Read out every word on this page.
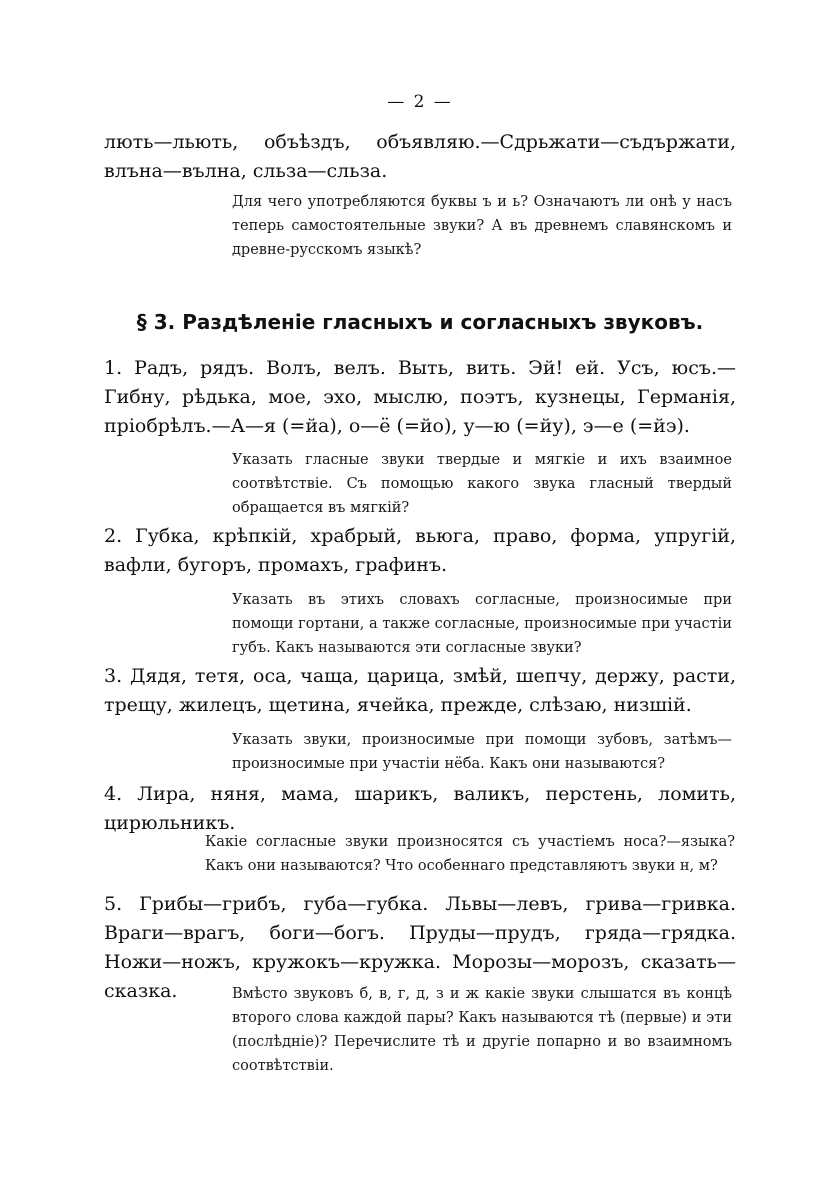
— 2 —
лють—льють, объѣздъ, объявляю.—Сдрьжати—съдържати, влъна—вълна, сльза—сльза.
Для чего употребляются буквы ъ и ь? Означаютъ ли онѣ у насъ теперь самостоятельные звуки? А въ древнемъ славянскомъ и древне-русскомъ языкѣ?
§ 3. Раздѣленіе гласныхъ и согласныхъ звуковъ.
1. Радъ, рядъ. Волъ, велъ. Выть, вить. Эй! ей. Усъ, юсъ.—Гибну, рѣдька, мое, эхо, мыслю, поэтъ, кузнецы, Германія, пріобрѣлъ.—А—я (=йа), о—ё (=йо), у—ю (=йу), э—е (=йэ).
Указать гласные звуки твердые и мягкіе и ихъ взаимное соотвѣтствіе. Съ помощью какого звука гласный твердый обращается въ мягкій?
2. Губка, крѣпкій, храбрый, вьюга, право, форма, упругій, вафли, бугоръ, промахъ, графинъ.
Указать въ этихъ словахъ согласные, произносимые при помощи гортани, а также согласные, произносимые при участіи губъ. Какъ называются эти согласные звуки?
3. Дядя, тетя, оса, чаща, царица, змѣй, шепчу, держу, расти, трещу, жилецъ, щетина, ячейка, прежде, слѣзаю, низшій.
Указать звуки, произносимые при помощи зубовъ, затѣмъ—произносимые при участіи нёба. Какъ они называются?
4. Лира, няня, мама, шарикъ, валикъ, перстень, ломить, цирюльникъ.
Какіе согласные звуки произносятся съ участіемъ носа?—языка? Какъ они называются? Что особеннаго представляютъ звуки н, м?
5. Грибы—грибъ, губа—губка. Львы—левъ, грива—гривка. Враги—врагъ, боги—богъ. Пруды—прудъ, гряда—грядка. Ножи—ножъ, кружокъ—кружка. Морозы—морозъ, сказать—сказка.	Вмѣсто звуковъ б, в, г, д, з и ж какіе звуки слышатся въ концѣ второго слова каждой пары? Какъ называются тѣ (первые) и эти (послѣдніе)? Перечислите тѣ и другіе попарно и во взаимномъ соотвѣтствіи.
